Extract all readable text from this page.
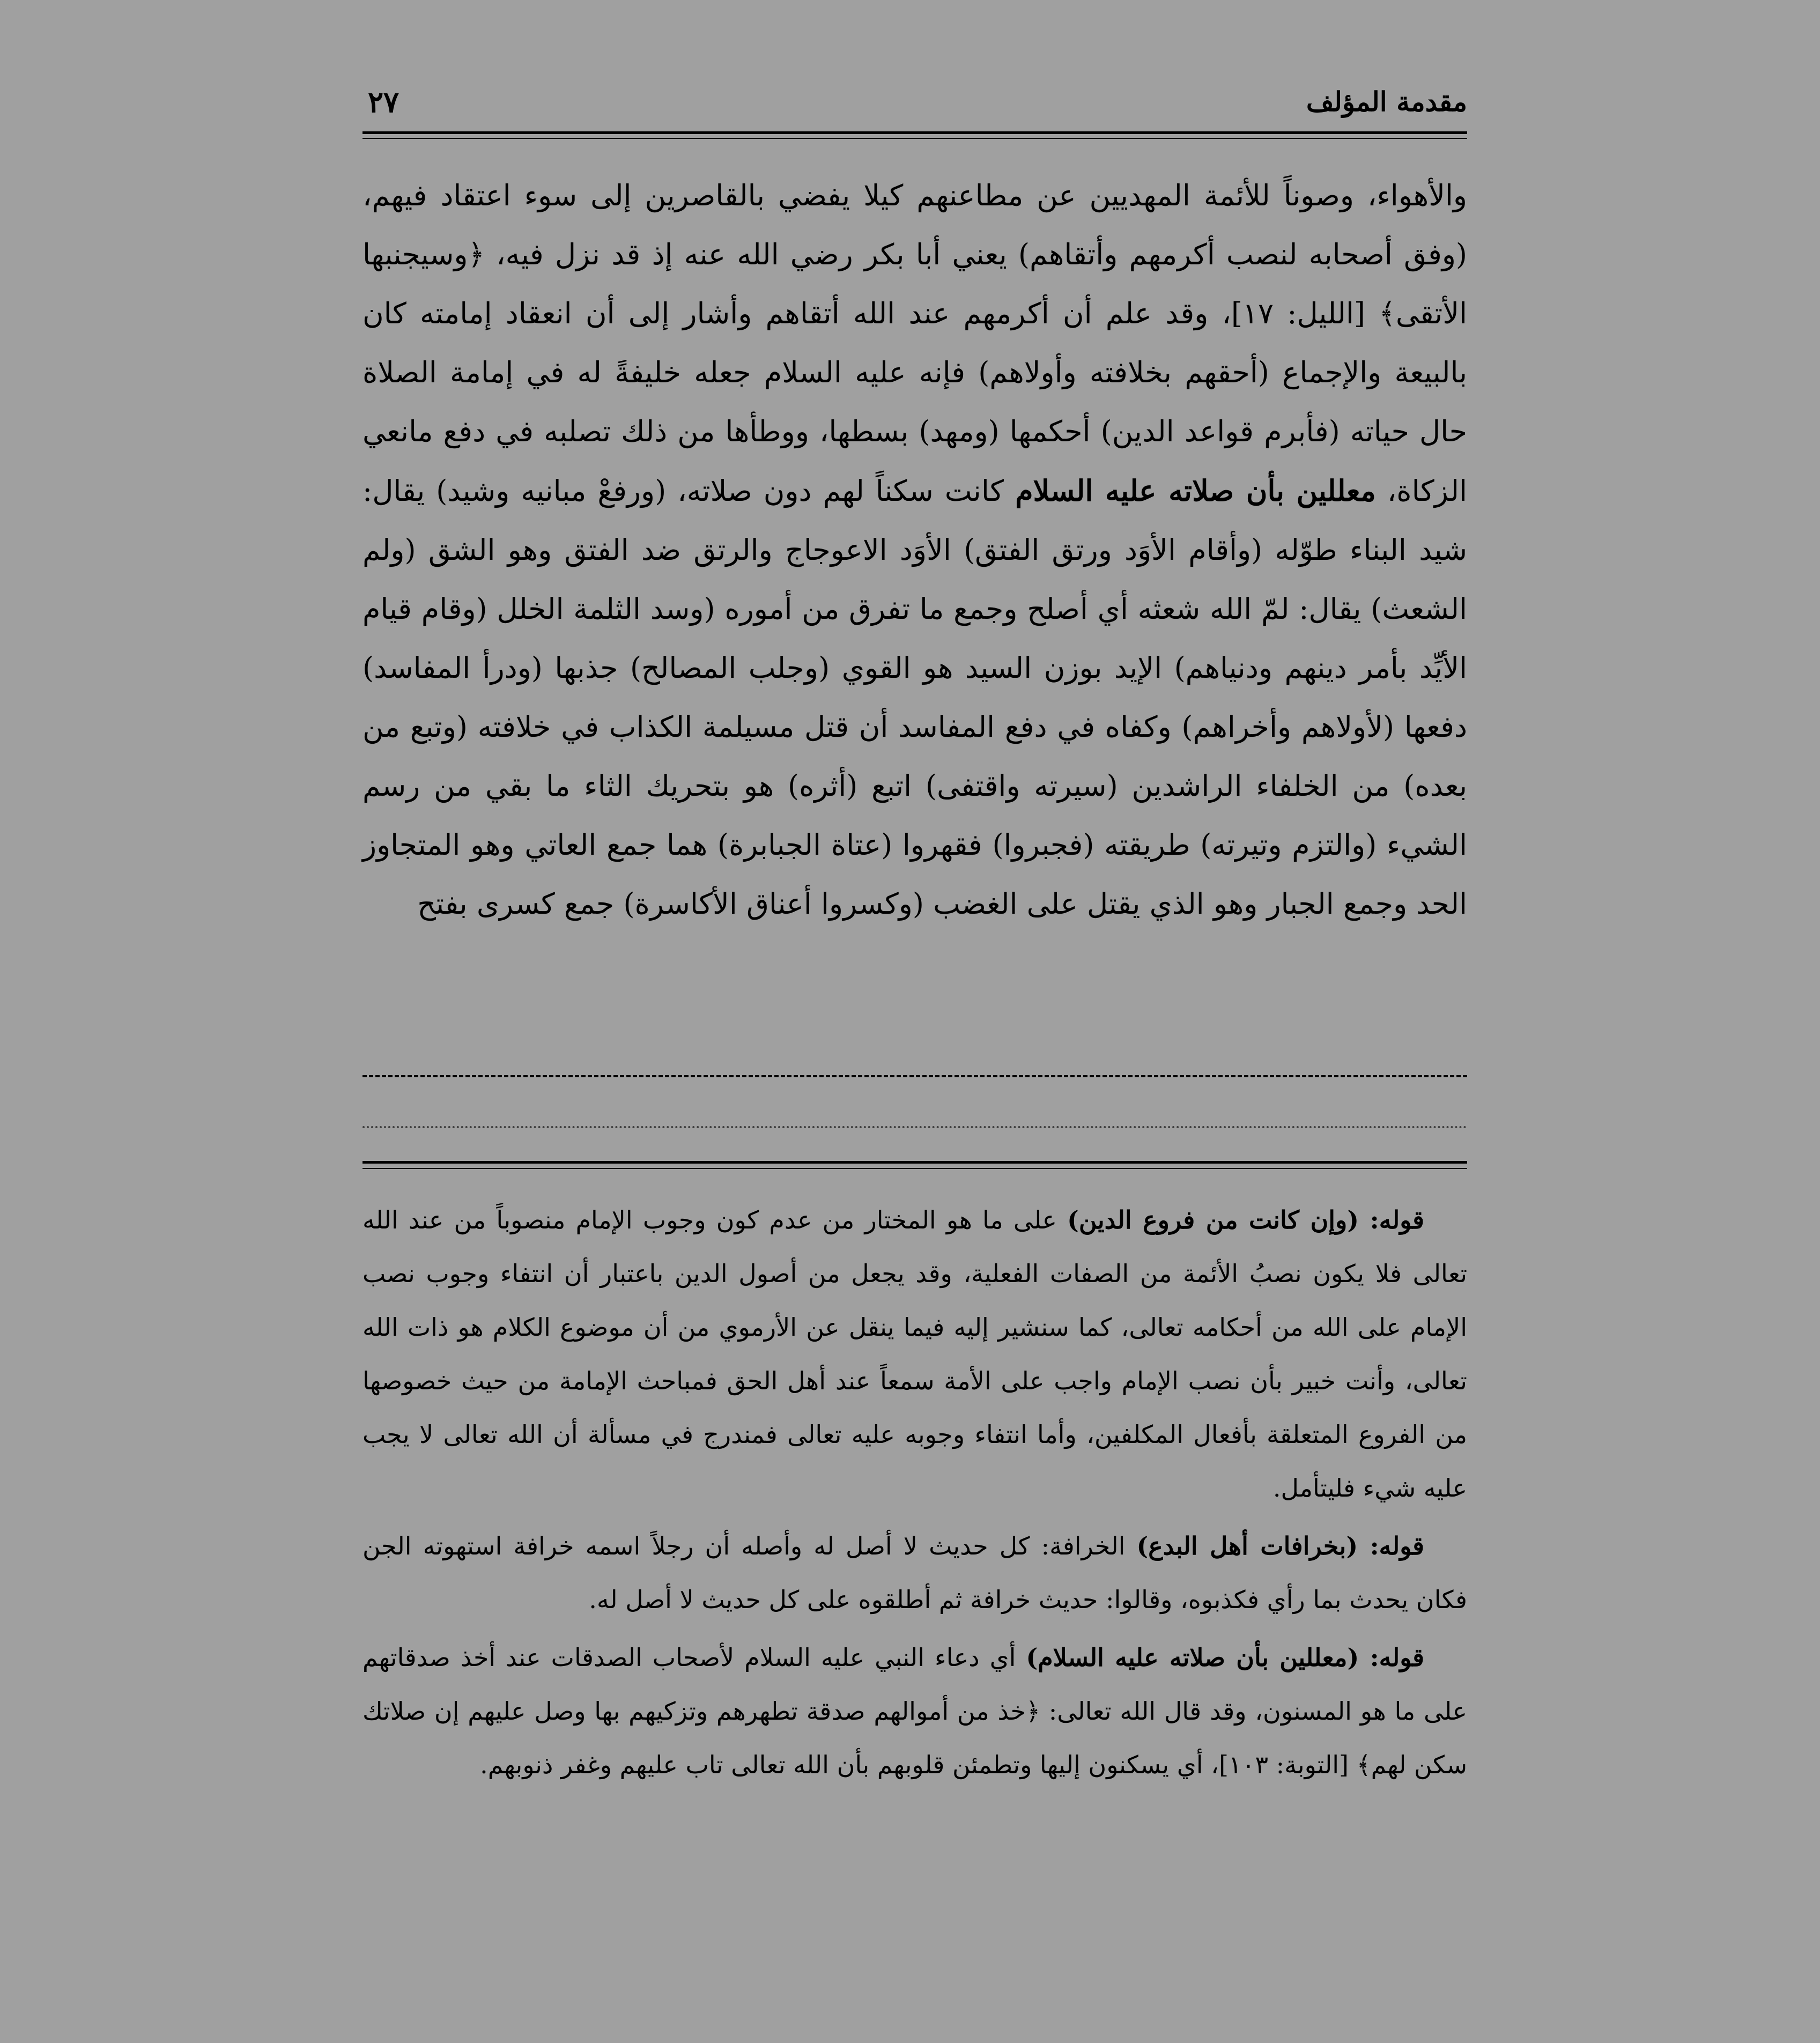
مقدمة المؤلف
٢٧

والأهواء، وصوناً للأئمة المهديين عن مطاعنهم كيلا يفضي بالقاصرين إلى سوء اعتقاد فيهم، (وفق أصحابه لنصب أكرمهم وأتقاهم) يعني أبا بكر رضي الله عنه إذ قد نزل فيه، ﴿وسيجنبها الأتقى﴾ [الليل: ١٧]، وقد علم أن أكرمهم عند الله أتقاهم وأشار إلى أن انعقاد إمامته كان بالبيعة والإجماع (أحقهم بخلافته وأولاهم) فإنه عليه السلام جعله خليفةً له في إمامة الصلاة حال حياته (فأبرم قواعد الدين) أحكمها (ومهد) بسطها، ووطأها من ذلك تصلبه في دفع مانعي الزكاة، معللين بأن صلاته عليه السلام كانت سكناً لهم دون صلاته، (ورفعْ مبانيه وشيد) يقال: شيد البناء طوّله (وأقام الأوَد ورتق الفتق) الأوَد الاعوجاج والرتق ضد الفتق وهو الشق (ولم الشعث) يقال: لمّ الله شعثه أي أصلح وجمع ما تفرق من أموره (وسد الثلمة الخلل (وقام قيام الأيِّد بأمر دينهم ودنياهم) الإيد بوزن السيد هو القوي (وجلب المصالح) جذبها (ودرأ المفاسد) دفعها (لأولاهم وأخراهم) وكفاه في دفع المفاسد أن قتل مسيلمة الكذاب في خلافته (وتبع من بعده) من الخلفاء الراشدين (سيرته واقتفى) اتبع (أثره) هو بتحريك الثاء ما بقي من رسم الشيء (والتزم وتيرته) طريقته (فجبروا) فقهروا (عتاة الجبابرة) هما جمع العاتي وهو المتجاوز الحد وجمع الجبار وهو الذي يقتل على الغضب (وكسروا أعناق الأكاسرة) جمع كسرى بفتح

قوله: (وإن كانت من فروع الدين) على ما هو المختار من عدم كون وجوب الإمام منصوباً من عند الله تعالى فلا يكون نصبُ الأئمة من الصفات الفعلية، وقد يجعل من أصول الدين باعتبار أن انتفاء وجوب نصب الإمام على الله من أحكامه تعالى، كما سنشير إليه فيما ينقل عن الأرموي من أن موضوع الكلام هو ذات الله تعالى، وأنت خبير بأن نصب الإمام واجب على الأمة سمعاً عند أهل الحق فمباحث الإمامة من حيث خصوصها من الفروع المتعلقة بأفعال المكلفين، وأما انتفاء وجوبه عليه تعالى فمندرج في مسألة أن الله تعالى لا يجب عليه شيء فليتأمل.

قوله: (بخرافات أهل البدع) الخرافة: كل حديث لا أصل له وأصله أن رجلاً اسمه خرافة استهوته الجن فكان يحدث بما رأي فكذبوه، وقالوا: حديث خرافة ثم أطلقوه على كل حديث لا أصل له.

قوله: (معللين بأن صلاته عليه السلام) أي دعاء النبي عليه السلام لأصحاب الصدقات عند أخذ صدقاتهم على ما هو المسنون، وقد قال الله تعالى: ﴿خذ من أموالهم صدقة تطهرهم وتزكيهم بها وصل عليهم إن صلاتك سكن لهم﴾ [التوبة: ١٠٣]، أي يسكنون إليها وتطمئن قلوبهم بأن الله تعالى تاب عليهم وغفر ذنوبهم.
